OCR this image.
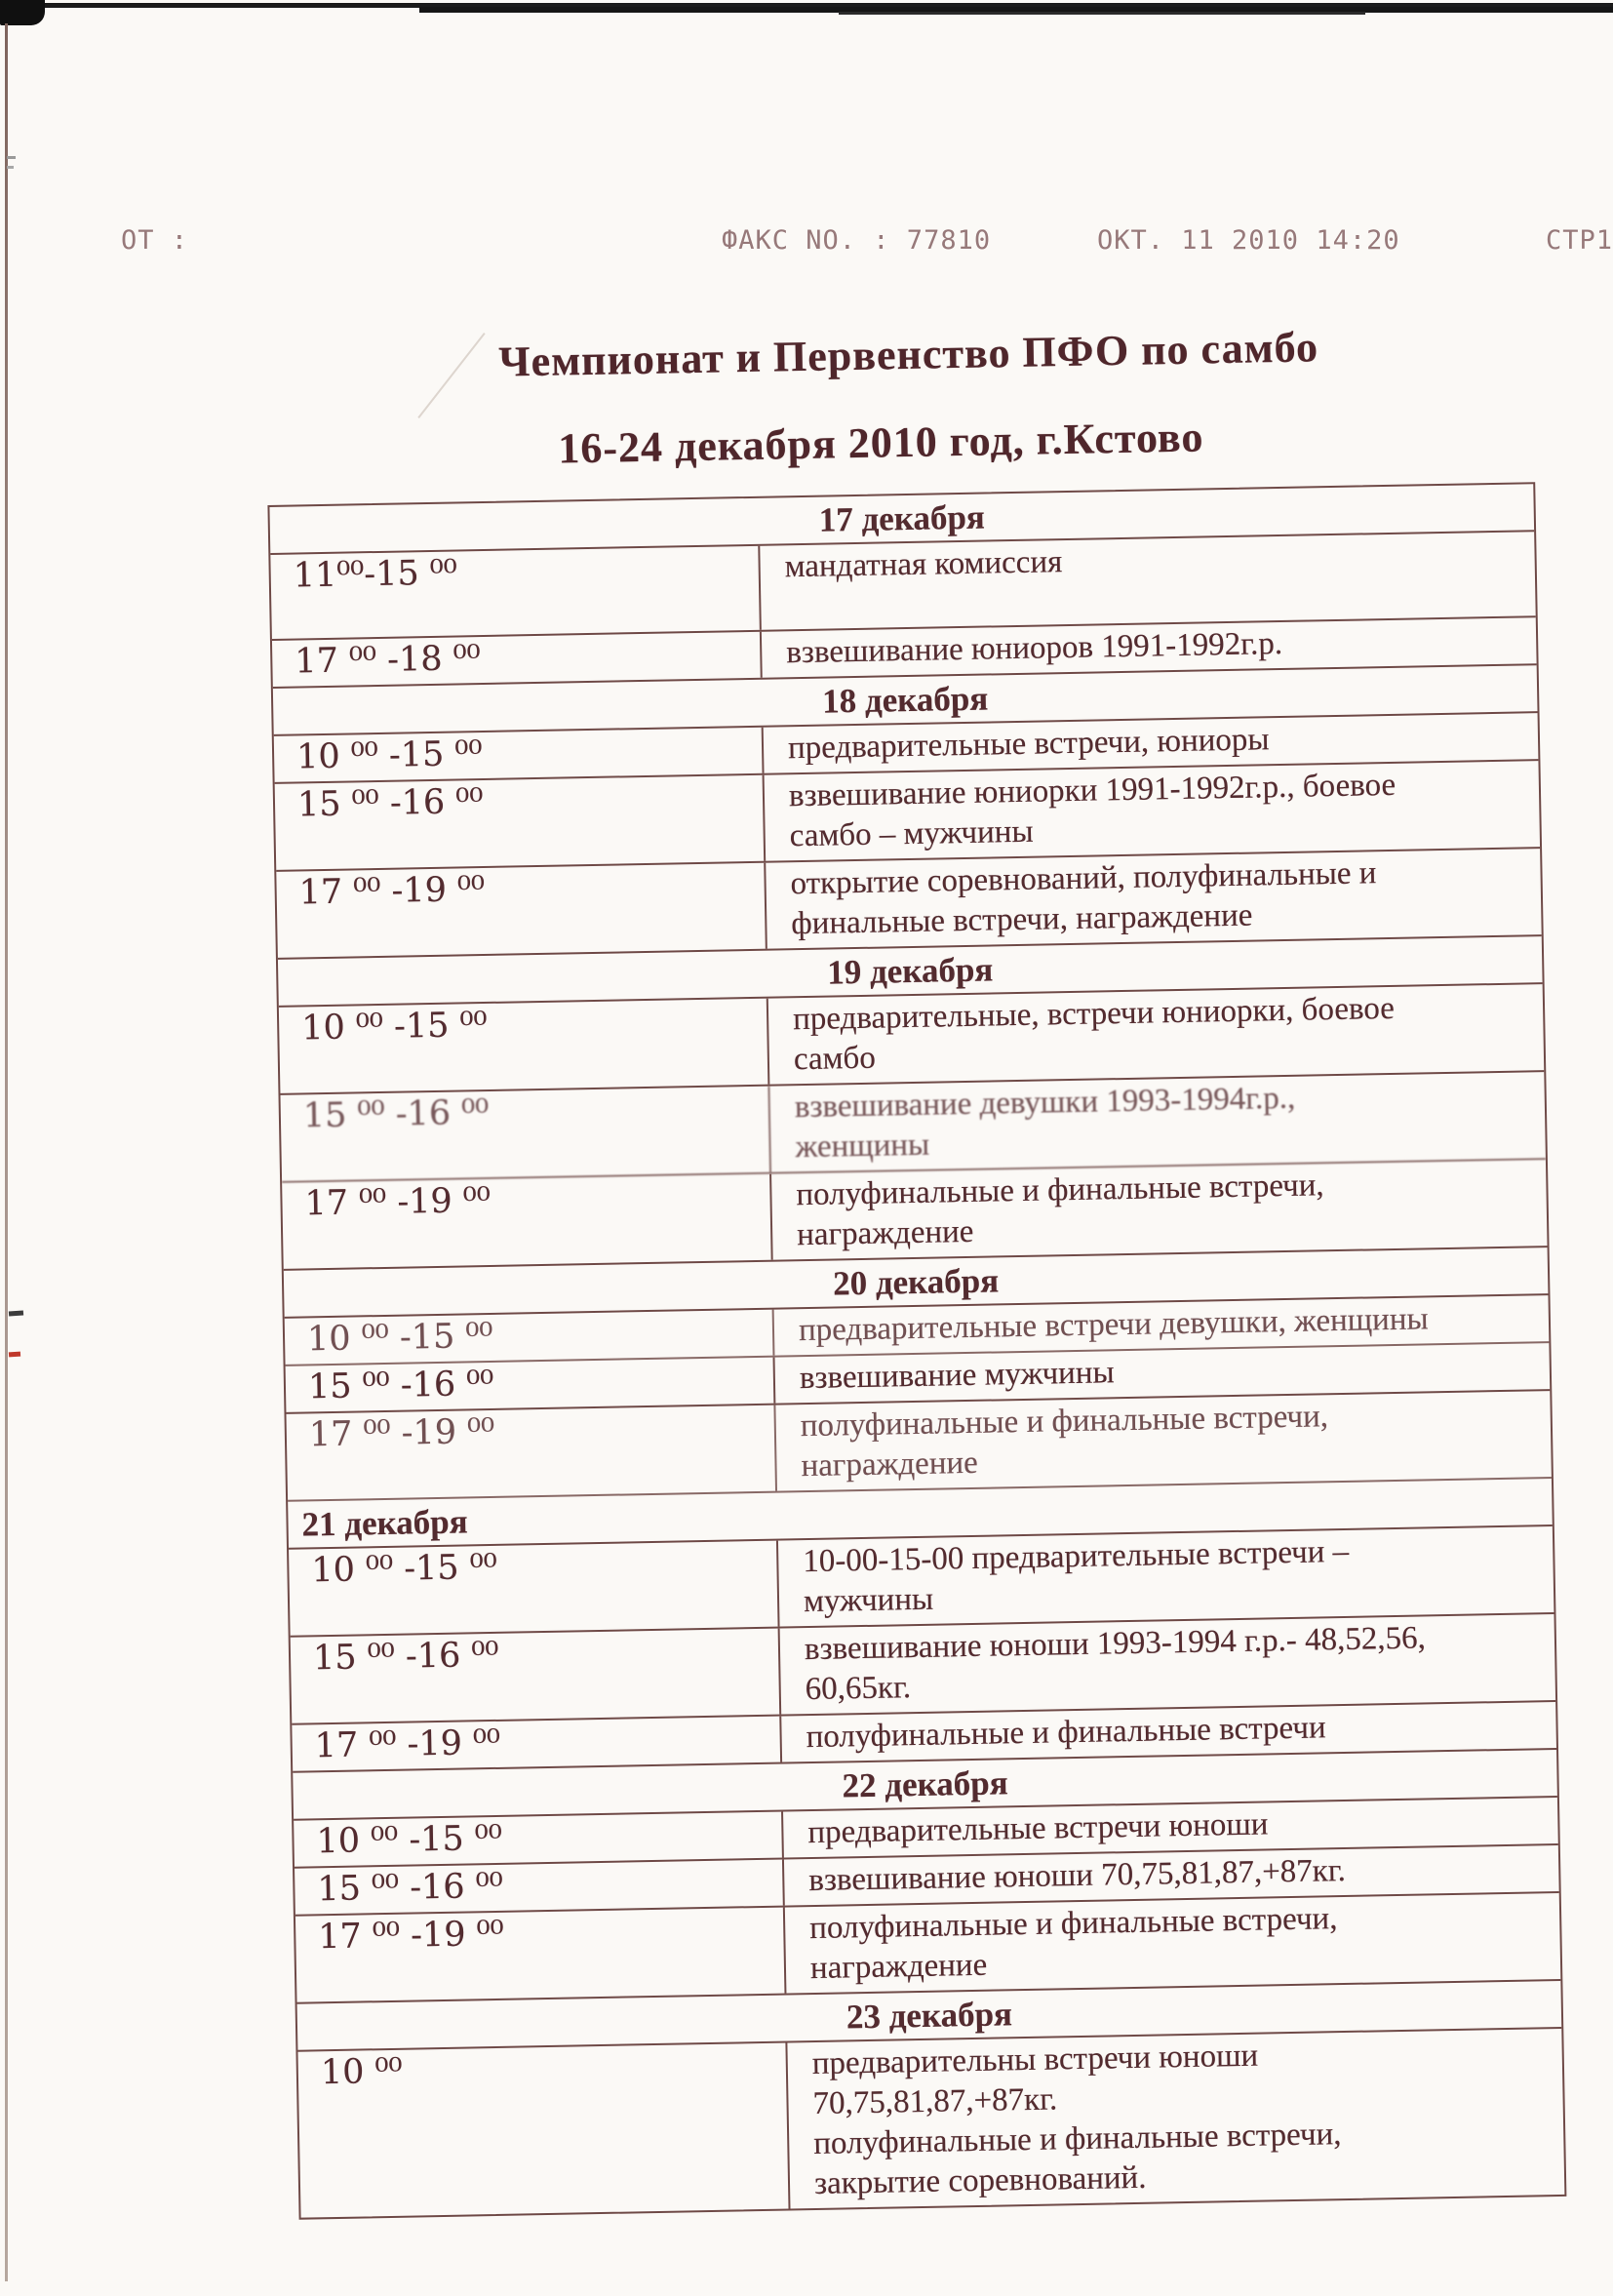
ОТ :	ФАКС NO. : 77810	ОКТ. 11 2010 14:20	СТР1
Чемпионат и Первенство ПФО по самбо
16-24 декабря 2010 год, г.Кстово
17 декабря
11⁰⁰-15 ⁰⁰	мандатная комиссия
17 ⁰⁰ -18 ⁰⁰	взвешивание юниоров 1991-1992г.р.
18 декабря
10 ⁰⁰ -15 ⁰⁰	предварительные встречи, юниоры
15 ⁰⁰ -16 ⁰⁰	взвешивание юниорки 1991-1992г.р., боевое
самбо – мужчины
17 ⁰⁰ -19 ⁰⁰	открытие соревнований, полуфинальные и
финальные встречи, награждение
19 декабря
10 ⁰⁰ -15 ⁰⁰	предварительные, встречи юниорки, боевое
самбо
15 ⁰⁰ -16 ⁰⁰	взвешивание девушки 1993-1994г.р.,
женщины
17 ⁰⁰ -19 ⁰⁰	полуфинальные и финальные встречи,
награждение
20 декабря
10 ⁰⁰ -15 ⁰⁰	предварительные встречи девушки, женщины
15 ⁰⁰ -16 ⁰⁰	взвешивание мужчины
17 ⁰⁰ -19 ⁰⁰	полуфинальные и финальные встречи,
награждение
21 декабря
10 ⁰⁰ -15 ⁰⁰	10-00-15-00 предварительные встречи –
мужчины
15 ⁰⁰ -16 ⁰⁰	взвешивание юноши 1993-1994 г.р.- 48,52,56,
60,65кг.
17 ⁰⁰ -19 ⁰⁰	полуфинальные и финальные встречи
22 декабря
10 ⁰⁰ -15 ⁰⁰	предварительные встречи юноши
15 ⁰⁰ -16 ⁰⁰	взвешивание юноши 70,75,81,87,+87кг.
17 ⁰⁰ -19 ⁰⁰	полуфинальные и финальные встречи,
награждение
23 декабря
10 ⁰⁰	предварительны встречи юноши
70,75,81,87,+87кг.
полуфинальные и финальные встречи,
закрытие соревнований.
